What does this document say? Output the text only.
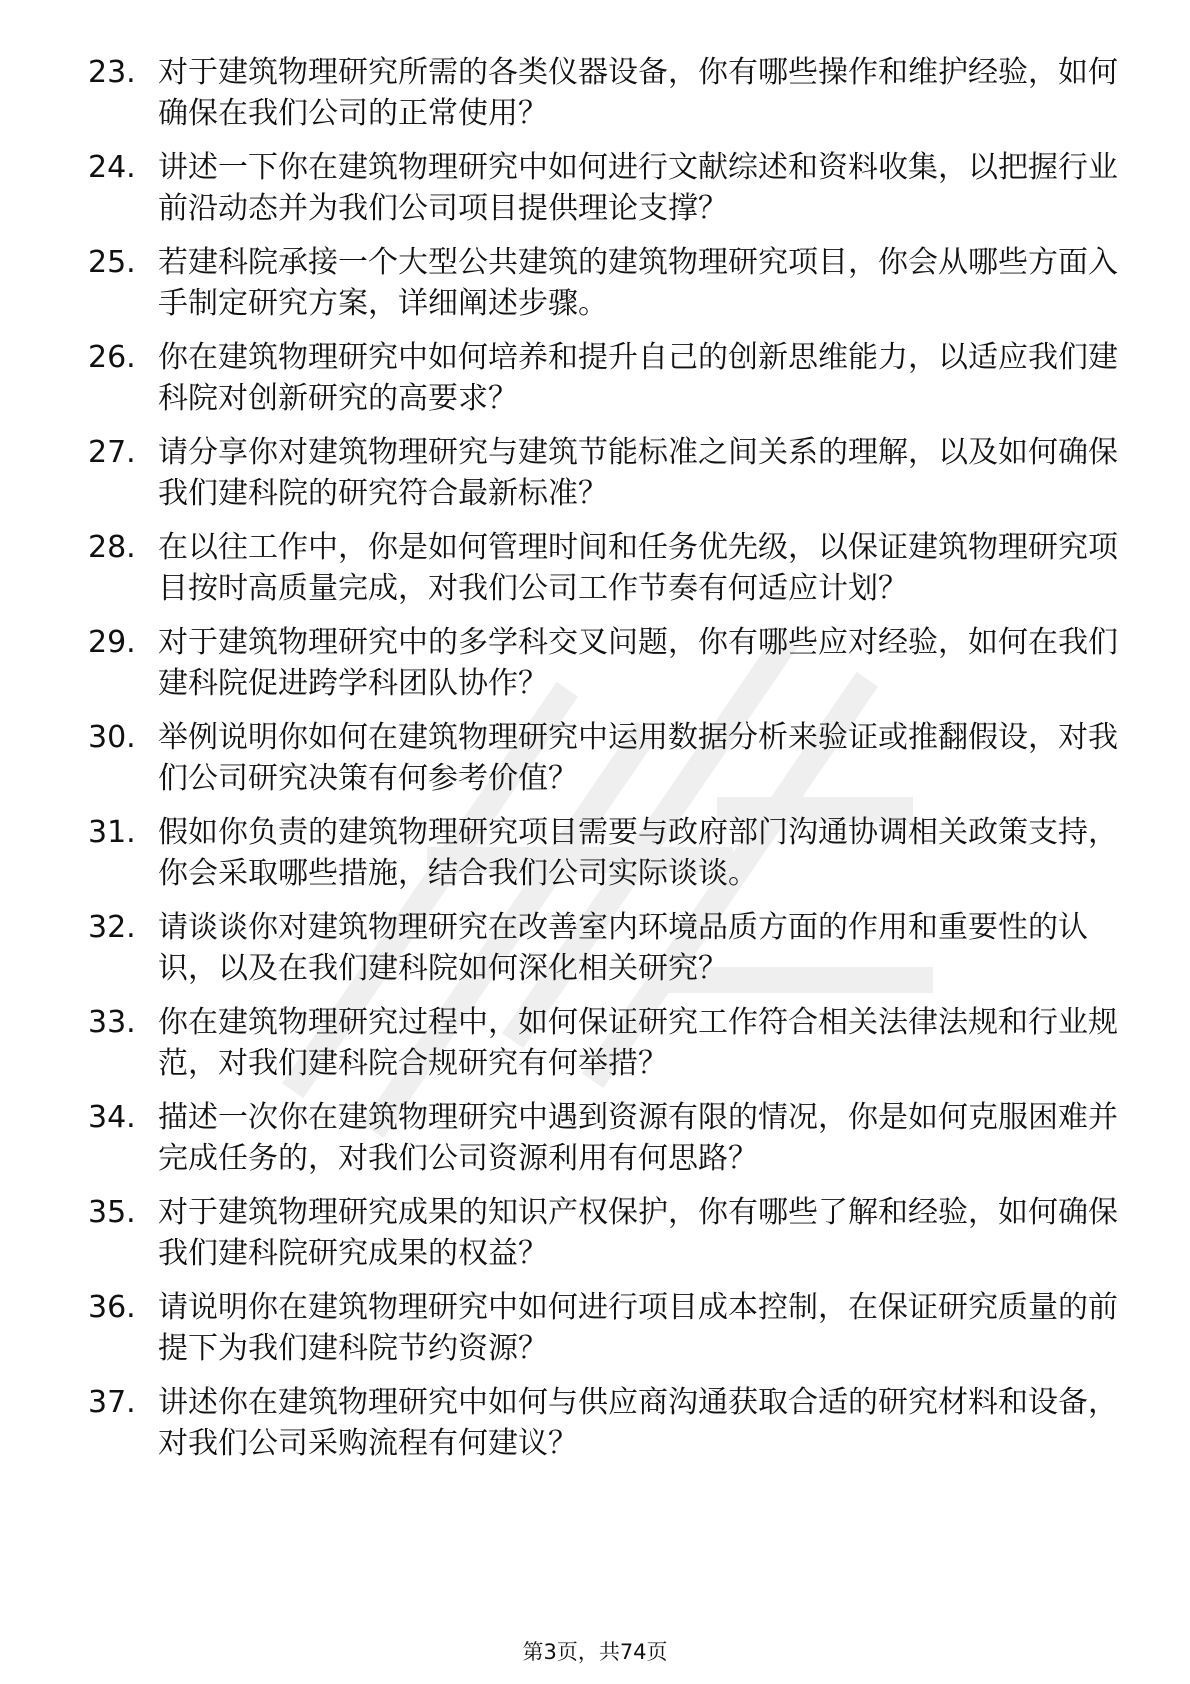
23. 对于建筑物理研究所需的各类仪器设备，你有哪些操作和维护经验，如何确保在我们公司的正常使用？
24. 讲述一下你在建筑物理研究中如何进行文献综述和资料收集，以把握行业前沿动态并为我们公司项目提供理论支撑？
25. 若建科院承接一个大型公共建筑的建筑物理研究项目，你会从哪些方面入手制定研究方案，详细阐述步骤。
26. 你在建筑物理研究中如何培养和提升自己的创新思维能力，以适应我们建科院对创新研究的高要求？
27. 请分享你对建筑物理研究与建筑节能标准之间关系的理解，以及如何确保我们建科院的研究符合最新标准？
28. 在以往工作中，你是如何管理时间和任务优先级，以保证建筑物理研究项目按时高质量完成，对我们公司工作节奏有何适应计划？
29. 对于建筑物理研究中的多学科交叉问题，你有哪些应对经验，如何在我们建科院促进跨学科团队协作？
30. 举例说明你如何在建筑物理研究中运用数据分析来验证或推翻假设，对我们公司研究决策有何参考价值？
31. 假如你负责的建筑物理研究项目需要与政府部门沟通协调相关政策支持，你会采取哪些措施，结合我们公司实际谈谈。
32. 请谈谈你对建筑物理研究在改善室内环境品质方面的作用和重要性的认识，以及在我们建科院如何深化相关研究？
33. 你在建筑物理研究过程中，如何保证研究工作符合相关法律法规和行业规范，对我们建科院合规研究有何举措？
34. 描述一次你在建筑物理研究中遇到资源有限的情况，你是如何克服困难并完成任务的，对我们公司资源利用有何思路？
35. 对于建筑物理研究成果的知识产权保护，你有哪些了解和经验，如何确保我们建科院研究成果的权益？
36. 请说明你在建筑物理研究中如何进行项目成本控制，在保证研究质量的前提下为我们建科院节约资源？
37. 讲述你在建筑物理研究中如何与供应商沟通获取合适的研究材料和设备，对我们公司采购流程有何建议？
第3页，共74页
